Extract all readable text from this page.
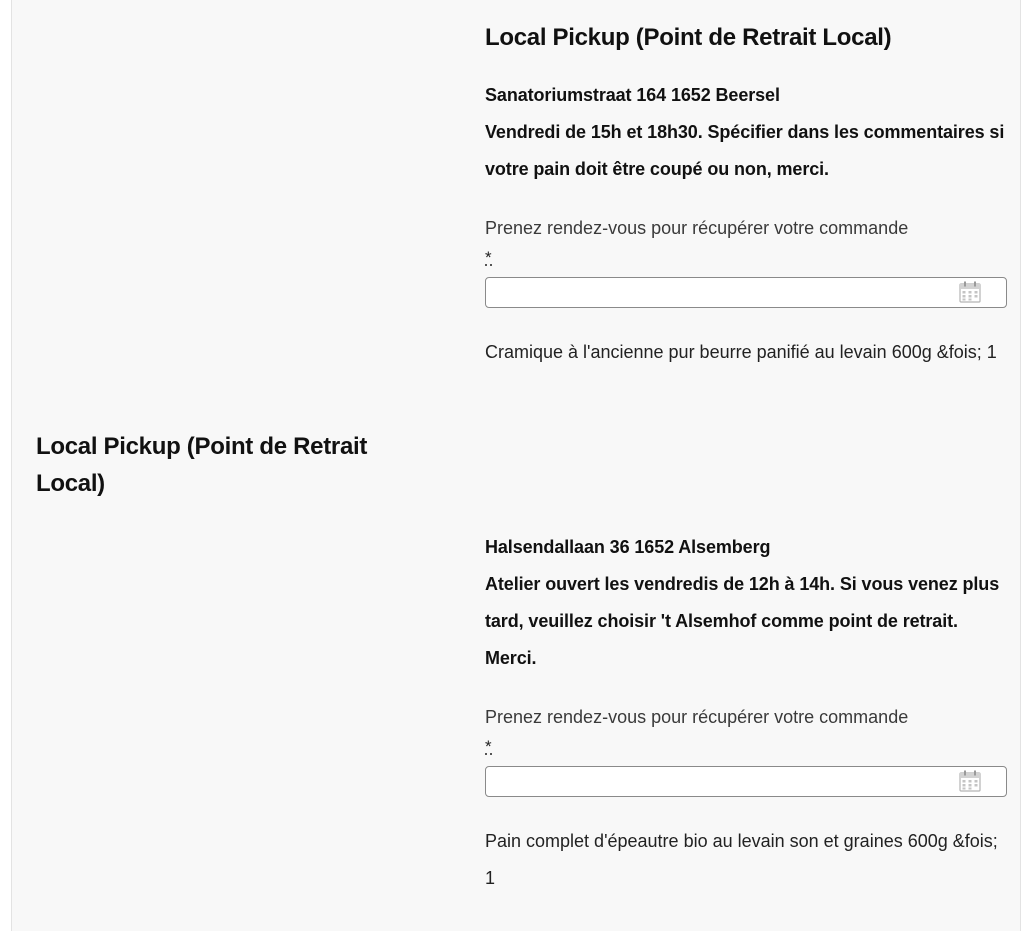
Local Pickup (Point de Retrait Local)
Local Pickup (Point de Retrait Local)

Sanatoriumstraat 164 1652 Beersel

Vendredi de 15h et 18h30. Spécifier dans les commentaires si votre pain doit être coupé ou non, merci.

Prenez rendez-vous pour récupérer votre commande
*

Cramique à l'ancienne pur beurre panifié au levain 600g &fois; 1

Halsendallaan 36 1652 Alsemberg

Atelier ouvert les vendredis de 12h à 14h. Si vous venez plus tard, veuillez choisir 't Alsemhof comme point de retrait. Merci.

Prenez rendez-vous pour récupérer votre commande
*

Pain complet d'épeautre bio au levain son et graines 600g &fois; 1
